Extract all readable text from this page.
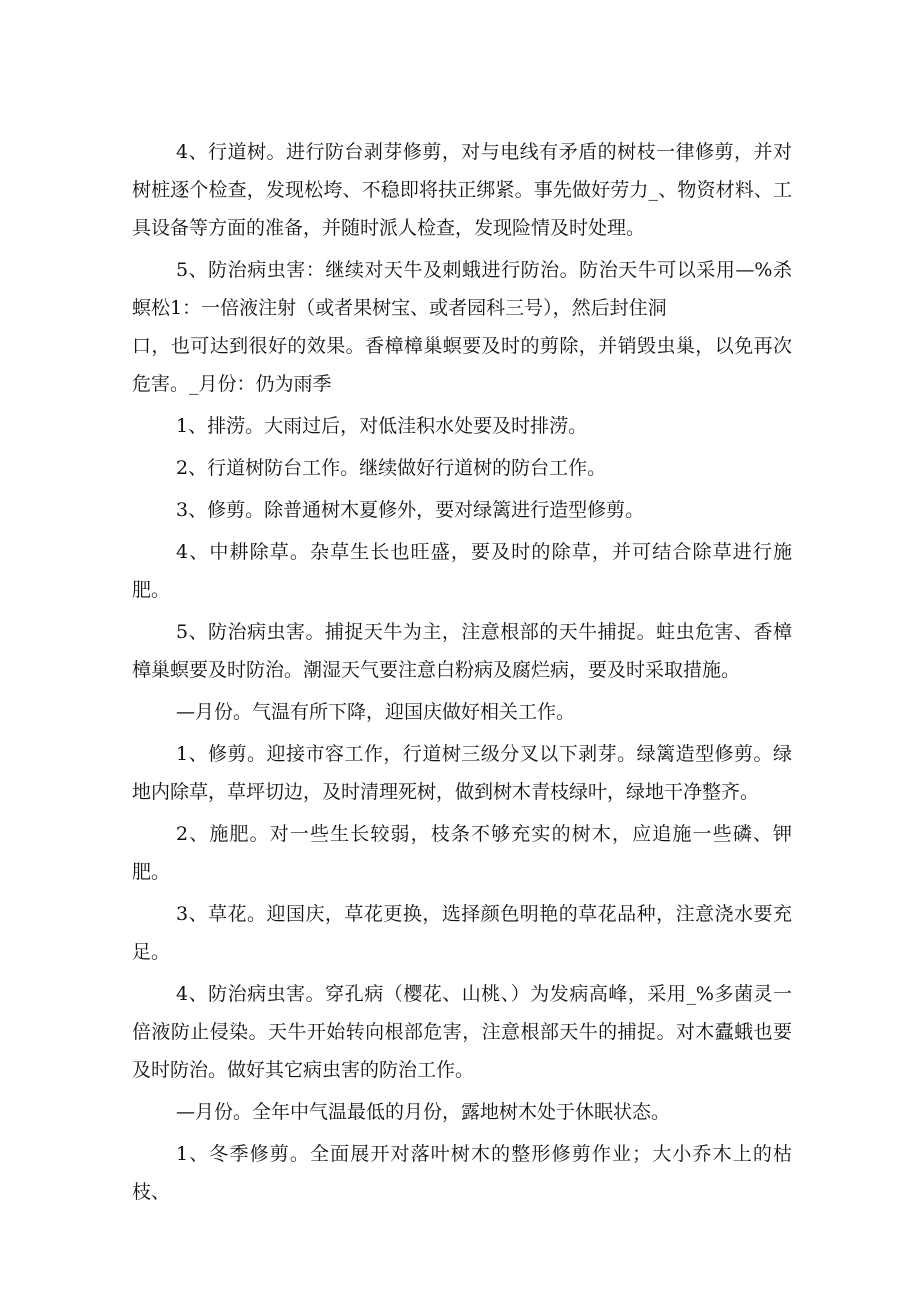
4、行道树。进行防台剥芽修剪，对与电线有矛盾的树枝一律修剪，并对树桩逐个检查，发现松垮、不稳即将扶正绑紧。事先做好劳力_、物资材料、工具设备等方面的准备，并随时派人检查，发现险情及时处理。

5、防治病虫害：继续对天牛及刺蛾进行防治。防治天牛可以采用—%杀螟松1：一倍液注射（或者果树宝、或者园科三号），然后封住洞

口，也可达到很好的效果。香樟樟巢螟要及时的剪除，并销毁虫巢，以免再次危害。_月份：仍为雨季

1、排涝。大雨过后，对低洼积水处要及时排涝。

2、行道树防台工作。继续做好行道树的防台工作。

3、修剪。除普通树木夏修外，要对绿篱进行造型修剪。

4、中耕除草。杂草生长也旺盛，要及时的除草，并可结合除草进行施肥。

5、防治病虫害。捕捉天牛为主，注意根部的天牛捕捉。蛀虫危害、香樟樟巢螟要及时防治。潮湿天气要注意白粉病及腐烂病，要及时采取措施。

—月份。气温有所下降，迎国庆做好相关工作。

1、修剪。迎接市容工作，行道树三级分叉以下剥芽。绿篱造型修剪。绿地内除草，草坪切边，及时清理死树，做到树木青枝绿叶，绿地干净整齐。

2、施肥。对一些生长较弱，枝条不够充实的树木，应追施一些磷、钾肥。

3、草花。迎国庆，草花更换，选择颜色明艳的草花品种，注意浇水要充足。

4、防治病虫害。穿孔病（樱花、山桃、）为发病高峰，采用_%多菌灵一倍液防止侵染。天牛开始转向根部危害，注意根部天牛的捕捉。对木蠹蛾也要及时防治。做好其它病虫害的防治工作。

—月份。全年中气温最低的月份，露地树木处于休眠状态。

1、冬季修剪。全面展开对落叶树木的整形修剪作业；大小乔木上的枯枝、
